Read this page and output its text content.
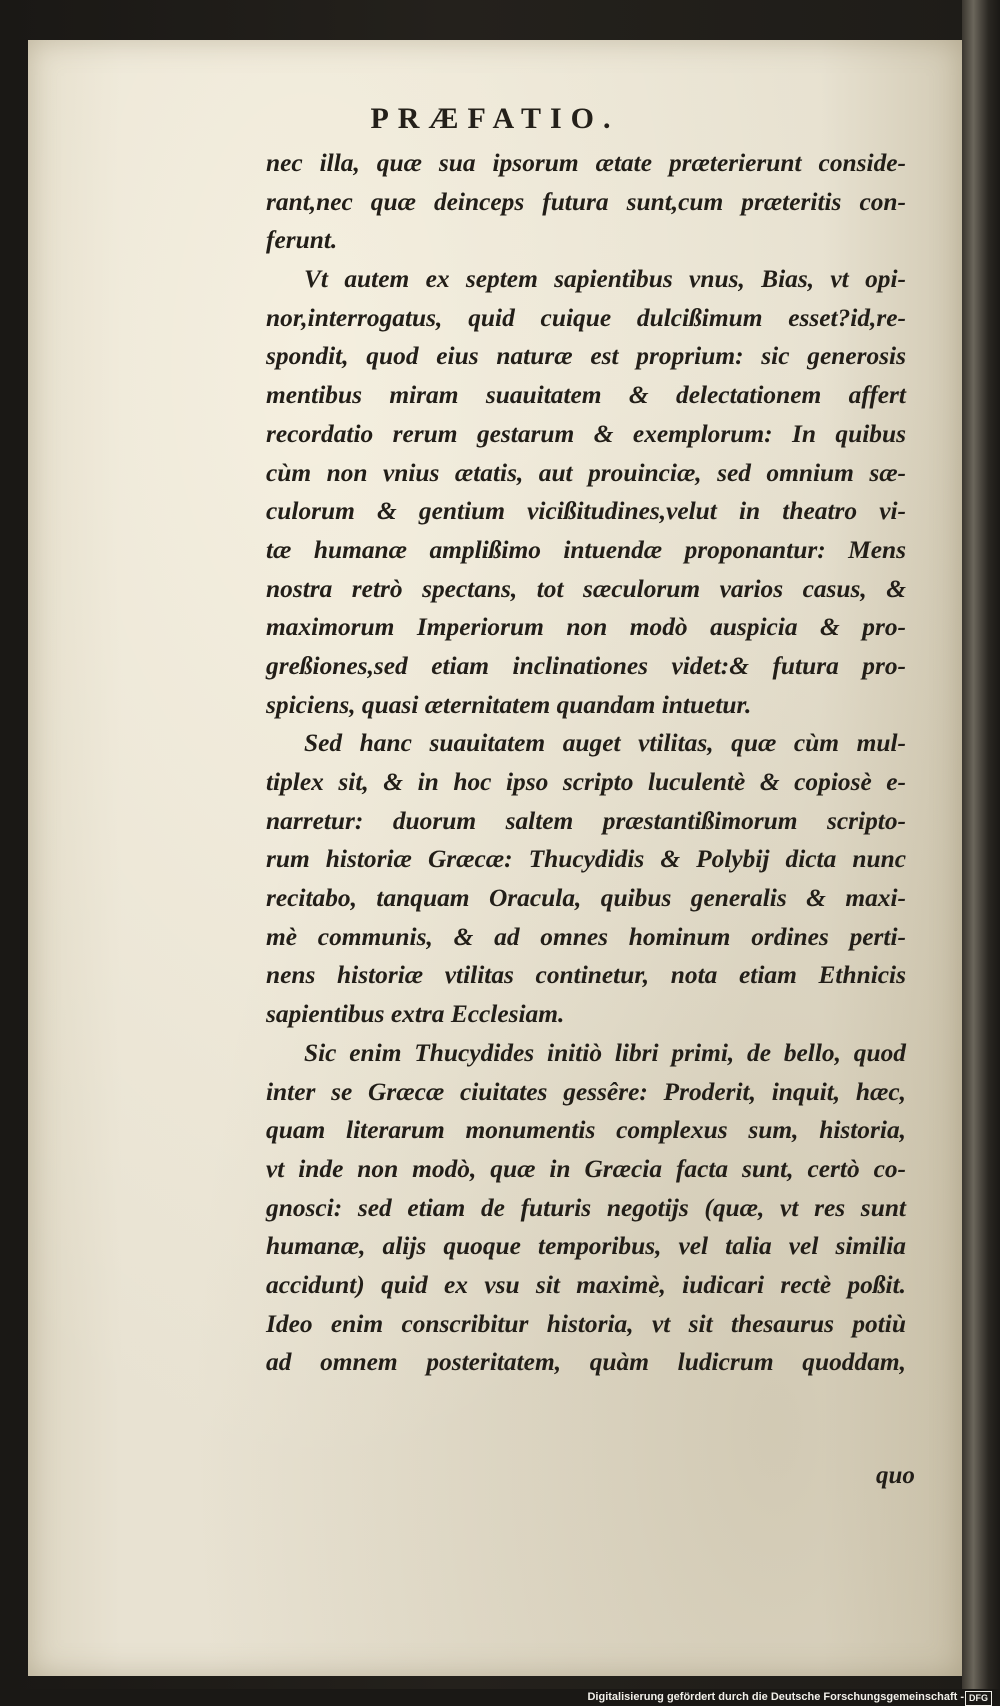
PRÆFATIO.
nec illa, quæ sua ipsorum ætate præterierunt conside-
rant,nec quæ deinceps futura sunt,cum præteritis con-
ferunt.
Vt autem ex septem sapientibus vnus, Bias, vt opi-
nor,interrogatus, quid cuique dulcißimum esset?id,re-
spondit, quod eius naturæ est proprium: sic generosis
mentibus miram suauitatem & delectationem affert
recordatio rerum gestarum & exemplorum: In quibus
cùm non vnius ætatis, aut prouinciæ, sed omnium sæ-
culorum & gentium vicißitudines,velut in theatro vi-
tæ humanæ amplißimo intuendæ proponantur: Mens
nostra retrò spectans, tot sæculorum varios casus, &
maximorum Imperiorum non modò auspicia & pro-
greßiones,sed etiam inclinationes videt:& futura pro-
spiciens, quasi æternitatem quandam intuetur.
Sed hanc suauitatem auget vtilitas, quæ cùm mul-
tiplex sit, & in hoc ipso scripto luculentè & copiosè e-
narretur: duorum saltem præstantißimorum scripto-
rum historiæ Græcæ: Thucydidis & Polybij dicta nunc
recitabo, tanquam Oracula, quibus generalis & maxi-
mè communis, & ad omnes hominum ordines perti-
nens historiæ vtilitas continetur, nota etiam Ethnicis
sapientibus extra Ecclesiam.
Sic enim Thucydides initiò libri primi, de bello, quod
inter se Græcæ ciuitates gessêre: Proderit, inquit, hæc,
quam literarum monumentis complexus sum, historia,
vt inde non modò, quæ in Græcia facta sunt, certò co-
gnosci: sed etiam de futuris negotijs (quæ, vt res sunt
humanæ, alijs quoque temporibus, vel talia vel similia
accidunt) quid ex vsu sit maximè, iudicari rectè poßit.
Ideo enim conscribitur historia, vt sit thesaurus potiù
ad omnem posteritatem, quàm ludicrum quoddam,
quo
Digitalisierung gefördert durch die Deutsche Forschungsgemeinschaft - DFG
